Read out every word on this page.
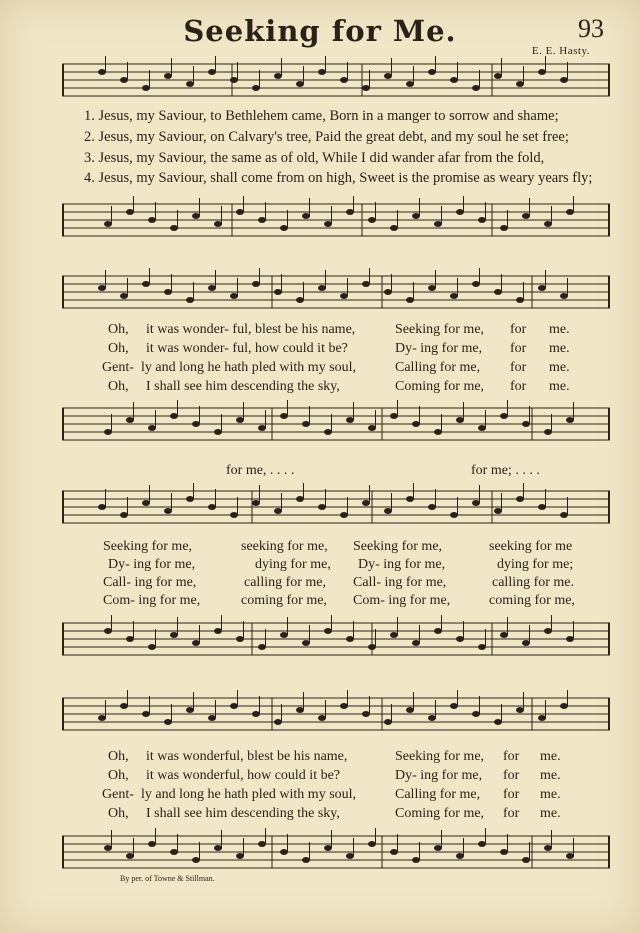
Seeking for Me.	93
E. E. Hasty.
1. Jesus, my Saviour, to Bethlehem came, Born in a manger to sorrow and shame;
2. Jesus, my Saviour, on Calvary's tree, Paid the great debt, and my soul he set free;
3. Jesus, my Saviour, the same as of old, While I did wander afar from the fold,
4. Jesus, my Saviour, shall come from on high, Sweet is the promise as weary years fly;
Oh, it was wonder- ful, blest be his name,	Seeking for me, for me.
Oh, it was wonder- ful, how could it be?	Dy- ing for me, for me.
Gent- ly and long he hath pled with my soul,	Calling for me, for me.
Oh, I shall see him descending the sky,	Coming for me, for me.
for me, . . . .	for me; . . . .
Seeking for me,	seeking for me, Seeking for me,	seeking for me
Dy- ing for me,	dying for me, Dy- ing for me,	dying for me;
Call- ing for me,	calling for me, Call- ing for me,	calling for me.
Com- ing for me,	coming for me, Com- ing for me,	coming for me,
Oh, it was wonderful, blest be his name,	Seeking for me, for me.
Oh, it was wonderful, how could it be?	Dy- ing for me, for me.
Gent- ly and long he hath pled with my soul,	Calling for me, for me.
Oh, I shall see him descending the sky,	Coming for me, for me.
By per. of Towne & Stillman.
